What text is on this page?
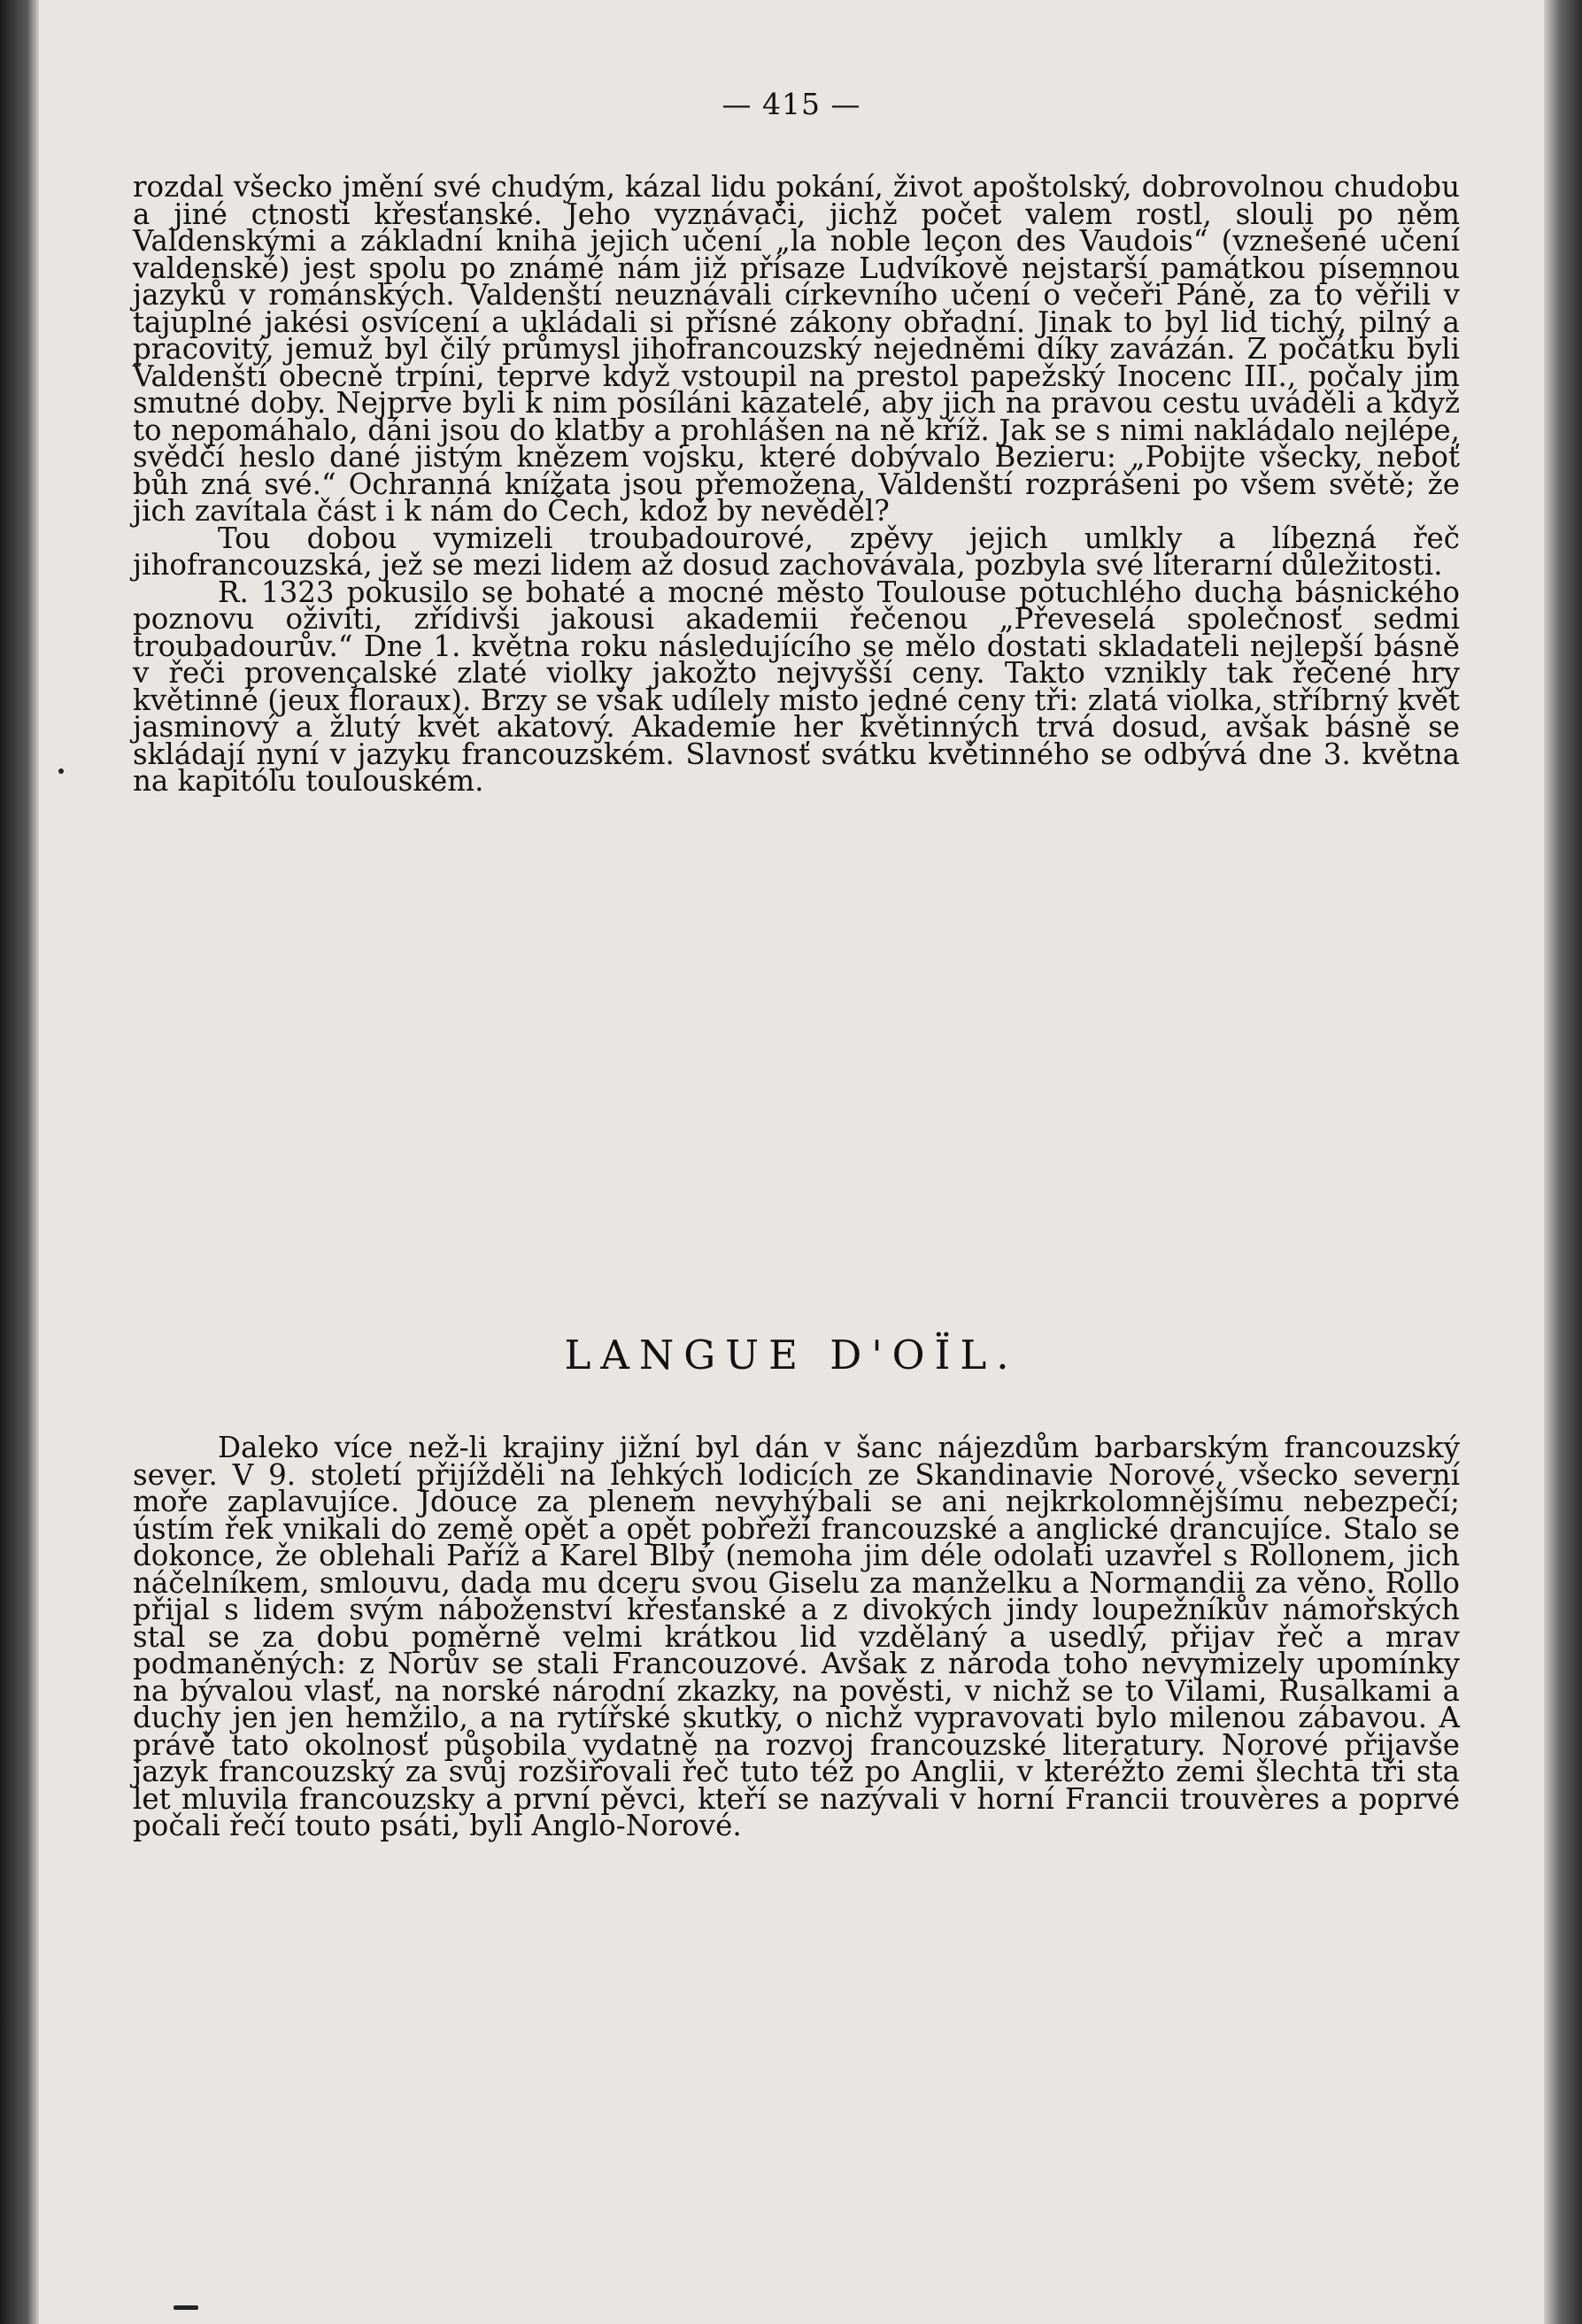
— 415 —

rozdal všecko jmění své chudým, kázal lidu pokání, život apoštolský, dobrovolnou chudobu a jiné ctnosti křesťanské. Jeho vyznávači, jichž počet valem rostl, slouli po něm Valdenskými a základní kniha jejich učení „la noble leçon des Vaudois“ (vznešené učení valdenské) jest spolu po známé nám již přísaze Ludvíkově nejstarší památkou písemnou jazyků v románských. Valdenští neuznávali církevního učení o večeři Páně, za to věřili v tajuplné jakési osvícení a ukládali si přísné zákony obřadní. Jinak to byl lid tichý, pilný a pracovitý, jemuž byl čilý průmysl jihofrancouzský nejedněmi díky zavázán. Z počátku byli Valdenští obecně trpíni, teprve když vstoupil na prestol papežský Inocenc III., počaly jim smutné doby. Nejprve byli k nim posíláni kazatelé, aby jich na pravou cestu uváděli a když to nepomáhalo, dáni jsou do klatby a prohlášen na ně kříž. Jak se s nimi nakládalo nejlépe, svědčí heslo dané jistým knězem vojsku, které dobývalo Bezieru: „Pobijte všecky, neboť bůh zná své.“ Ochranná knížata jsou přemožena, Valdenští rozprášeni po všem světě; že jich zavítala část i k nám do Čech, kdož by nevěděl?

Tou dobou vymizeli troubadourové, zpěvy jejich umlkly a líbezná řeč jihofrancouzská, jež se mezi lidem až dosud zachovávala, pozbyla své literarní důležitosti.

R. 1323 pokusilo se bohaté a mocné město Toulouse potuchlého ducha básnického poznovu oživiti, zřídivši jakousi akademii řečenou „Převeselá společnosť sedmi troubadourův.“ Dne 1. května roku následujícího se mělo dostati skladateli nejlepší básně v řeči provençalské zlaté violky jakožto nejvyšší ceny. Takto vznikly tak řečené hry květinné (jeux floraux). Brzy se však udílely místo jedné ceny tři: zlatá violka, stříbrný květ jasminový a žlutý květ akatový. Akademie her květinných trvá dosud, avšak básně se skládají nyní v jazyku francouzském. Slavnosť svátku květinného se odbývá dne 3. května na kapitólu toulouském.

LANGUE D'OÏL.

Daleko více než-li krajiny jižní byl dán v šanc nájezdům barbarským francouzský sever. V 9. století přijížděli na lehkých lodicích ze Skandinavie Norové, všecko severní moře zaplavujíce. Jdouce za plenem nevyhýbali se ani nejkrkolomnějšímu nebezpečí; ústím řek vnikali do země opět a opět pobřeží francouzské a anglické drancujíce. Stalo se dokonce, že oblehali Paříž a Karel Blbý (nemoha jim déle odolati uzavřel s Rollonem, jich náčelníkem, smlouvu, dada mu dceru svou Giselu za manželku a Normandii za věno. Rollo přijal s lidem svým náboženství křesťanské a z divokých jindy loupežníkův námořských stal se za dobu poměrně velmi krátkou lid vzdělaný a usedlý, přijav řeč a mrav podmaněných: z Norův se stali Francouzové. Avšak z národa toho nevymizely upomínky na bývalou vlasť, na norské národní zkazky, na pověsti, v nichž se to Vilami, Rusalkami a duchy jen jen hemžilo, a na rytířské skutky, o nichž vypravovati bylo milenou zábavou. A právě tato okolnosť působila vydatně na rozvoj francouzské literatury. Norové přijavše jazyk francouzský za svůj rozšiřovali řeč tuto též po Anglii, v kteréžto zemi šlechta tři sta let mluvila francouzsky a první pěvci, kteří se nazývali v horní Francii trouvères a poprvé počali řečí touto psáti, byli Anglo-Norové.
